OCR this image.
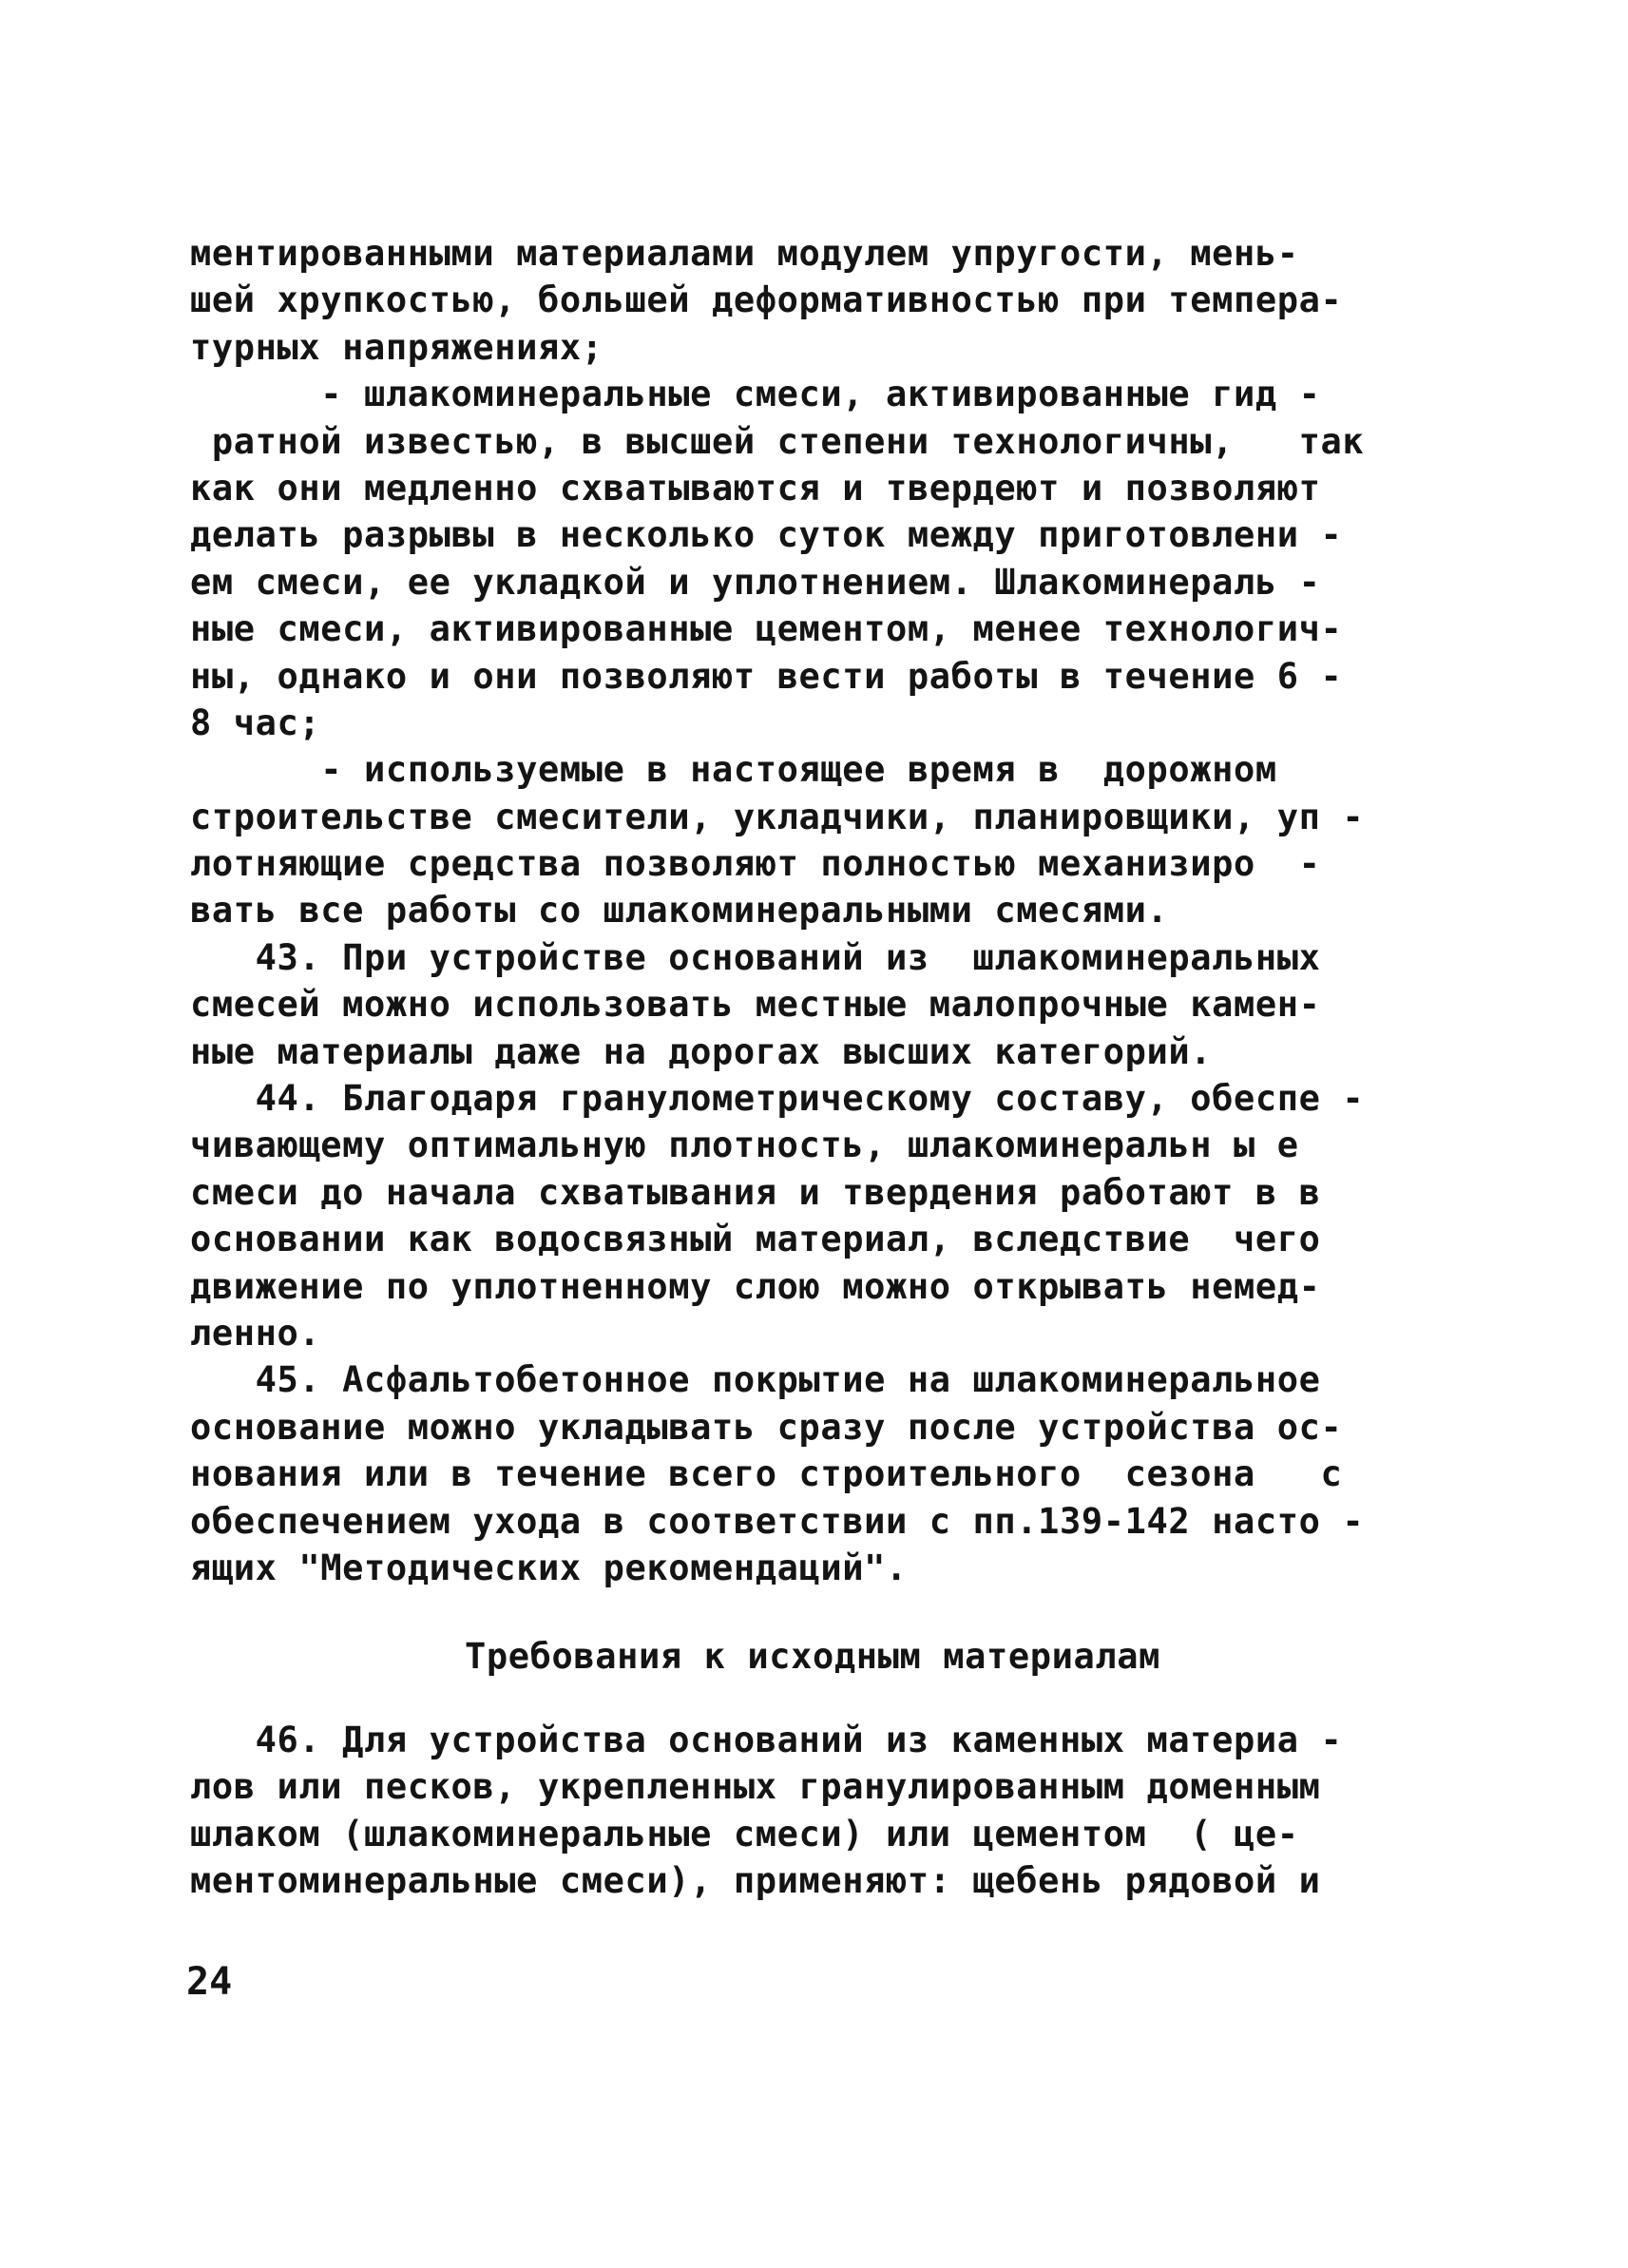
ментированными материалами модулем упругости, мень-
шей хрупкостью, большей деформативностью при темпера-
турных напряжениях;
- шлакоминеральные смеси, активированные гид -
ратной известью, в высшей степени технологичны,   так
как они медленно схватываются и твердеют и позволяют
делать разрывы в несколько суток между приготовлени -
ем смеси, ее укладкой и уплотнением. Шлакоминераль -
ные смеси, активированные цементом, менее технологич-
ны, однако и они позволяют вести работы в течение 6 -
8 час;
- используемые в настоящее время в  дорожном
строительстве смесители, укладчики, планировщики, уп -
лотняющие средства позволяют полностью механизиро  -
вать все работы со шлакоминеральными смесями.
43. При устройстве оснований из  шлакоминеральных
смесей можно использовать местные малопрочные камен-
ные материалы даже на дорогах высших категорий.
44. Благодаря гранулометрическому составу, обеспе -
чивающему оптимальную плотность, шлакоминеральн ы е
смеси до начала схватывания и твердения работают в в
основании как водосвязный материал, вследствие  чего
движение по уплотненному слою можно открывать немед-
ленно.
45. Асфальтобетонное покрытие на шлакоминеральное
основание можно укладывать сразу после устройства ос-
нования или в течение всего строительного  сезона   с
обеспечением ухода в соответствии с пп.139-142 насто -
ящих "Методических рекомендаций".
Требования к исходным материалам
46. Для устройства оснований из каменных материа -
лов или песков, укрепленных гранулированным доменным
шлаком (шлакоминеральные смеси) или цементом  ( це-
ментоминеральные смеси), применяют: щебень рядовой и
24
